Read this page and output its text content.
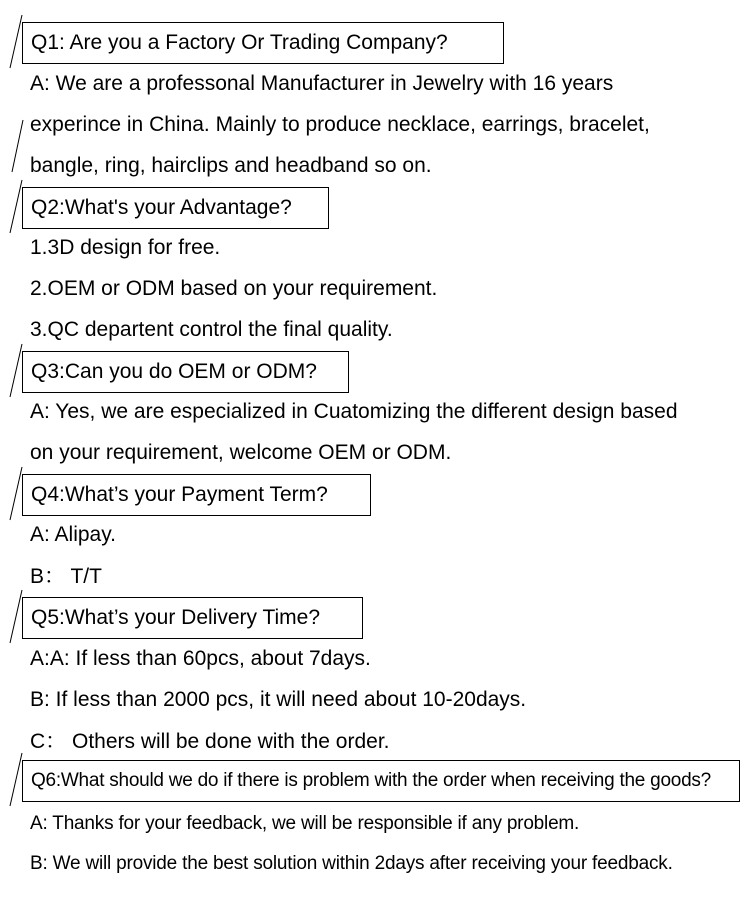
Q1: Are you a Factory Or Trading Company?
A: We are a professonal Manufacturer in Jewelry with 16 years
experince in China. Mainly to produce necklace, earrings, bracelet,
bangle, ring, hairclips and headband so on.
Q2:What's your Advantage?
1.3D design for free.
2.OEM or ODM based on your requirement.
3.QC departent control the final quality.
Q3:Can you do OEM or ODM?
A: Yes, we are especialized in Cuatomizing the different design based
on your requirement, welcome OEM or ODM.
Q4:What’s your Payment Term?
A: Alipay.
B： T/T
Q5:What’s your Delivery Time?
A:A: If less than 60pcs, about 7days.
B: If less than 2000 pcs, it will need about 10-20days.
C： Others will be done with the order.
Q6:What should we do if there is problem with the order when receiving the goods?
A: Thanks for your feedback, we will be responsible if any problem.
B: We will provide the best solution within 2days after receiving your feedback.
